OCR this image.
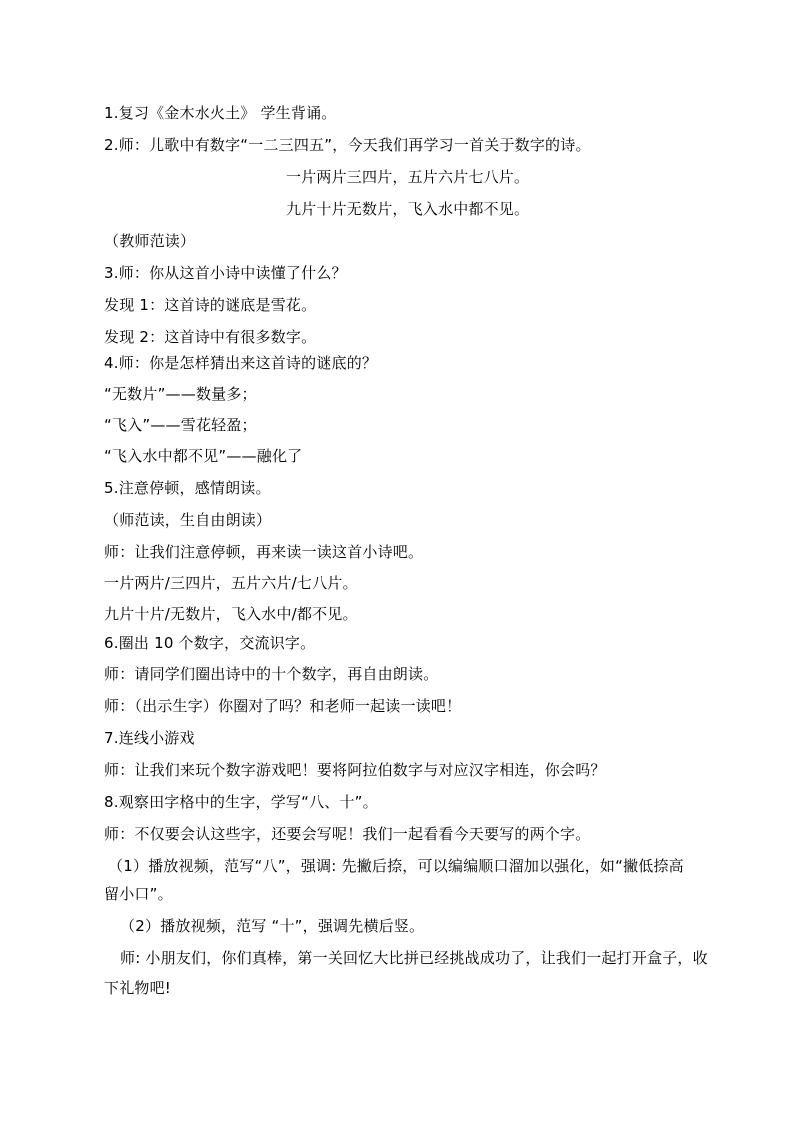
1.复习《金木水火土》 学生背诵。
2.师：儿歌中有数字“一二三四五”，今天我们再学习一首关于数字的诗。
一片两片三四片，五片六片七八片。
九片十片无数片，飞入水中都不见。
（教师范读）
3.师：你从这首小诗中读懂了什么？
发现 1：这首诗的谜底是雪花。
发现 2：这首诗中有很多数字。
4.师：你是怎样猜出来这首诗的谜底的？
“无数片”——数量多；
“飞入”——雪花轻盈；
“飞入水中都不见”——融化了
5.注意停顿，感情朗读。
（师范读，生自由朗读）
师：让我们注意停顿，再来读一读这首小诗吧。
一片两片/三四片，五片六片/七八片。
九片十片/无数片，飞入水中/都不见。
6.圈出 10 个数字，交流识字。
师：请同学们圈出诗中的十个数字，再自由朗读。
师：（出示生字）你圈对了吗？和老师一起读一读吧！
7.连线小游戏
师：让我们来玩个数字游戏吧！要将阿拉伯数字与对应汉字相连，你会吗？
8.观察田字格中的生字，学写“八、十”。
师：不仅要会认这些字，还要会写呢！我们一起看看今天要写的两个字。
（1）播放视频，范写“八”，强调: 先撇后捺，可以编编顺口溜加以强化，如“撇低捺高
留小口”。
（2）播放视频，范写 “十”，强调先横后竖。
师: 小朋友们，你们真棒，第一关回忆大比拼已经挑战成功了，让我们一起打开盒子，收
下礼物吧!
